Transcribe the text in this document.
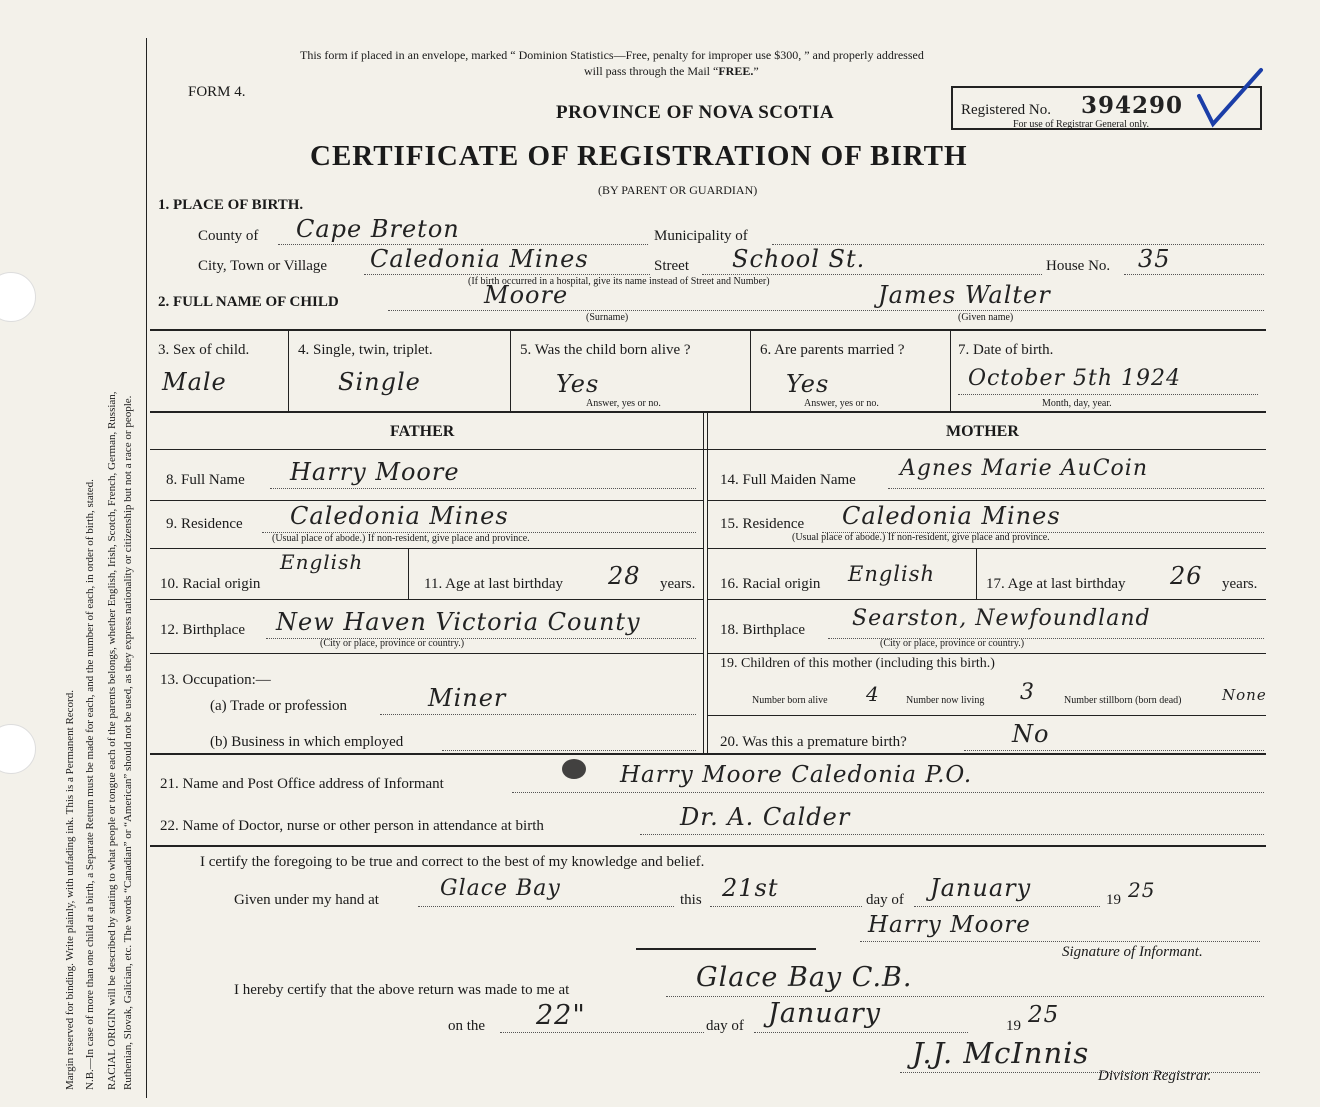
Margin reserved for binding. Write plainly, with unfading ink. This is a Permanent Record. N.B.—In case of more than one child at a birth, a Separate Return must be made for each, and the number of each, in order of birth, stated. RACIAL ORIGIN will be described by stating to what people or tongue each of the parents belongs, whether English, Irish, Scotch, French, German, Russian, Ruthenian, Slovak, Galician, etc. The words “Canadian” or “American” should not be used, as they express nationality or citizenship but not a race or people.
This form if placed in an envelope, marked “ Dominion Statistics—Free, penalty for improper use $300, ” and properly addressed
will pass through the Mail “FREE.”
FORM 4.
PROVINCE OF NOVA SCOTIA	Registered No. 394290
For use of Registrar General only.
CERTIFICATE OF REGISTRATION OF BIRTH
(BY PARENT OR GUARDIAN)
1. PLACE OF BIRTH.
County of Cape Breton	Municipality of
City, Town or Village Caledonia Mines	Street School St.	House No. 35
(If birth occurred in a hospital, give its name instead of Street and Number)
2. FULL NAME OF CHILD	Moore
(Surname)
James Walter
(Given name)
3. Sex of child.
Male
4. Single, twin, triplet.
Single
5. Was the child born alive ?
Yes
Answer, yes or no.
6. Are parents married ?
Yes
Answer, yes or no.
7. Date of birth.
October 5th 1924
Month, day, year.
FATHER	MOTHER
8. Full Name Harry Moore
9. Residence Caledonia Mines
(Usual place of abode.) If non-resident, give place and province.
10. Racial origin
English
11. Age at last birthday 28 years.
12. Birthplace New Haven Victoria County
(City or place, province or country.)
13. Occupation:—
(a) Trade or profession	Miner
(b) Business in which employed
14. Full Maiden Name Agnes Marie AuCoin
15. Residence Caledonia Mines
(Usual place of abode.) If non-resident, give place and province.
16. Racial origin English	17. Age at last birthday 26 years.
18. Birthplace Searston, Newfoundland
(City or place, province or country.)
19. Children of this mother (including this birth.)
Number born alive 4	Number now living 3	Number stillborn (born dead)	None
20. Was this a premature birth?	No
21. Name and Post Office address of Informant	Harry Moore Caledonia P.O.
22. Name of Doctor, nurse or other person in attendance at birth	Dr. A. Calder
I certify the foregoing to be true and correct to the best of my knowledge and belief.
Given under my hand at	Glace Bay	this 21st	day of January	19 25
Harry Moore
Signature of Informant.
I hereby certify that the above return was made to me at	Glace Bay C.B.
on the 22"	day of January	19 25
J.J. McInnis
Division Registrar.
